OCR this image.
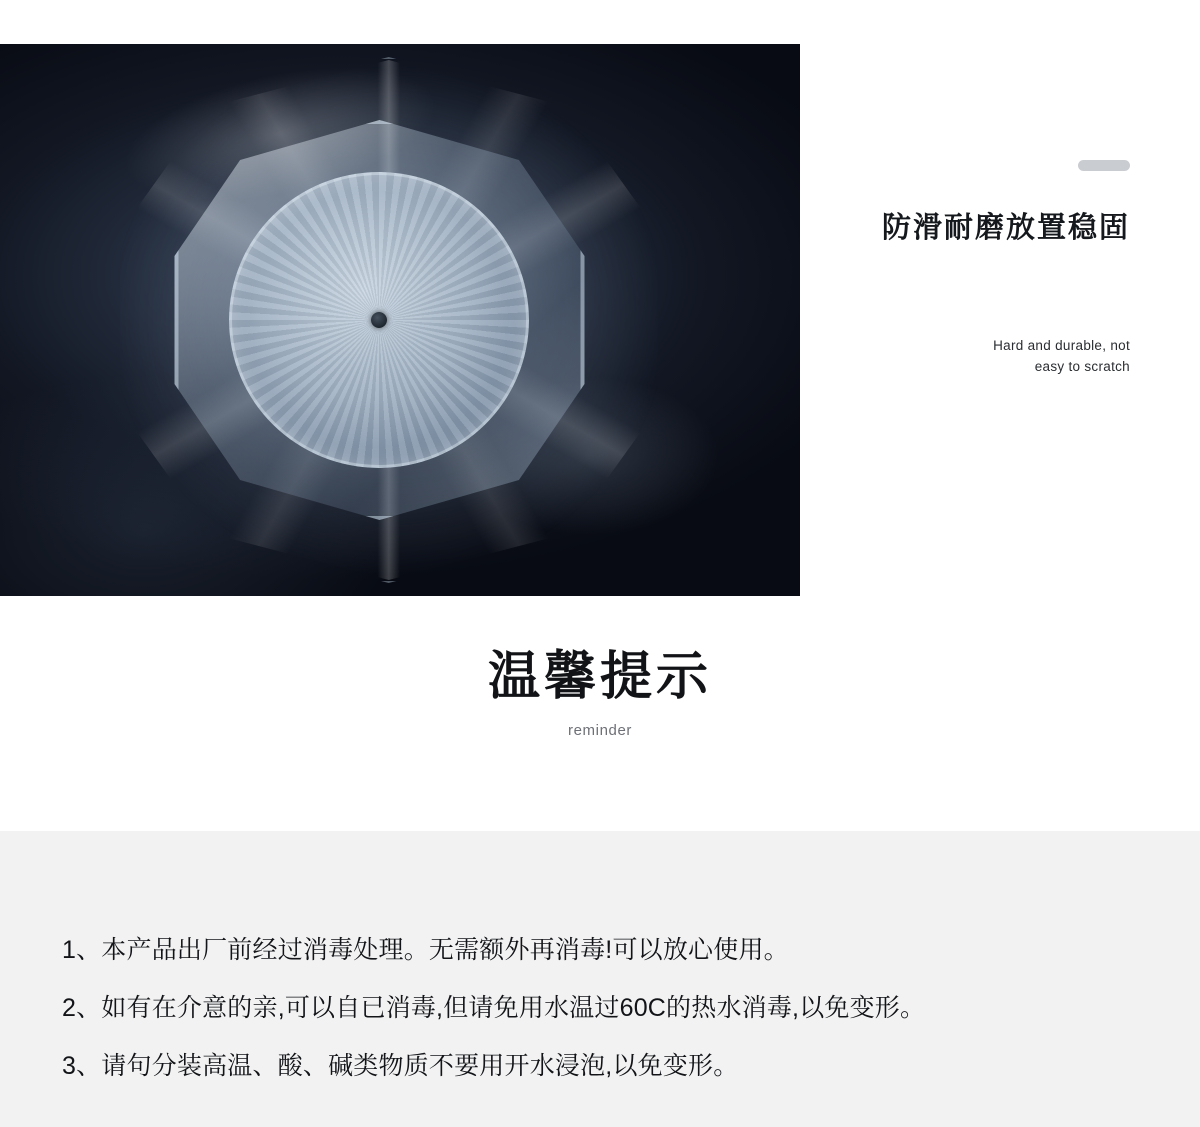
防滑耐磨放置稳固
Hard and durable, not
easy to scratch
温馨提示
reminder

1、本产品出厂前经过消毒处理。无需额外再消毒!可以放心使用。

2、如有在介意的亲,可以自已消毒,但请免用水温过60C的热水消毒,以免变形。

3、请句分装高温、酸、碱类物质不要用开水浸泡,以免变形。
